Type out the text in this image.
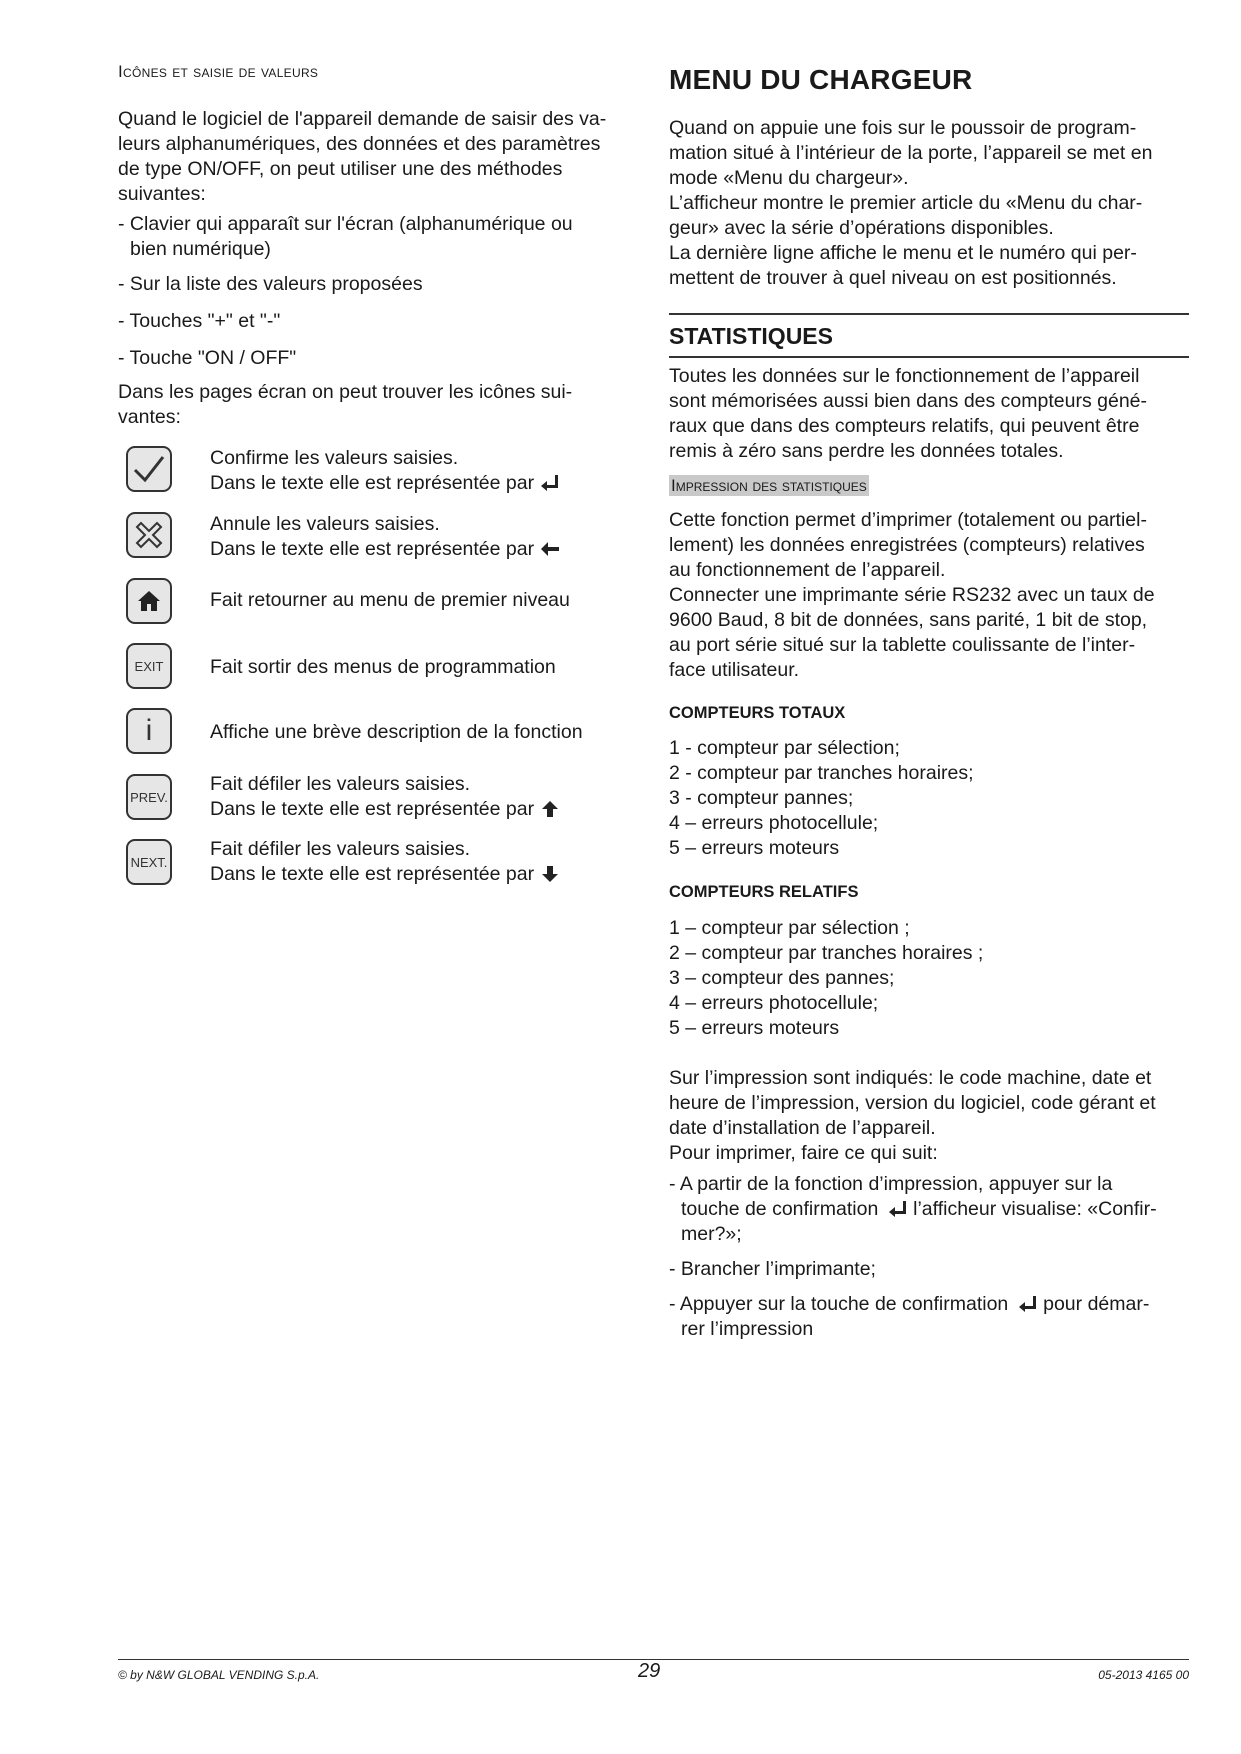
Icônes et saisie de valeurs
Quand le logiciel de l'appareil demande de saisir des va-
leurs alphanumériques, des données et des paramètres
de type ON/OFF, on peut utiliser une des méthodes
suivantes:
- Clavier qui apparaît sur l'écran (alphanumérique ou
bien numérique)
- Sur la liste des valeurs proposées
- Touches "+" et "-"
- Touche "ON / OFF"
Dans les pages écran on peut trouver les icônes sui-
vantes:
Confirme les valeurs saisies.
Dans le texte elle est représentée par
Annule les valeurs saisies.
Dans le texte elle est représentée par
Fait retourner au menu de premier niveau
EXIT Fait sortir des menus de programmation
i	Affiche une brève description de la fonction
PREV.
Fait défiler les valeurs saisies.
Dans le texte elle est représentée par
NEXT.
Fait défiler les valeurs saisies.
Dans le texte elle est représentée par
MENU DU CHARGEUR
Quand on appuie une fois sur le poussoir de program-
mation situé à l’intérieur de la porte, l’appareil se met en
mode «Menu du chargeur».
L’afficheur montre le premier article du «Menu du char-
geur» avec la série d’opérations disponibles.
La dernière ligne affiche le menu et le numéro qui per-
mettent de trouver à quel niveau on est positionnés.
STATISTIQUES
Toutes les données sur le fonctionnement de l’appareil
sont mémorisées aussi bien dans des compteurs géné-
raux que dans des compteurs relatifs, qui peuvent être
remis à zéro sans perdre les données totales.
Impression des statistiques
Cette fonction permet d’imprimer (totalement ou partiel-
lement) les données enregistrées (compteurs) relatives
au fonctionnement de l’appareil.
Connecter une imprimante série RS232 avec un taux de
9600 Baud, 8 bit de données, sans parité, 1 bit de stop,
au port série situé sur la tablette coulissante de l’inter-
face utilisateur.
COMPTEURS TOTAUX
1 - compteur par sélection;
2 - compteur par tranches horaires;
3 - compteur pannes;
4 – erreurs photocellule;
5 – erreurs moteurs
COMPTEURS RELATIFS
1 – compteur par sélection ;
2 – compteur par tranches horaires ;
3 – compteur des pannes;
4 – erreurs photocellule;
5 – erreurs moteurs
Sur l’impression sont indiqués: le code machine, date et
heure de l’impression, version du logiciel, code gérant et
date d’installation de l’appareil.
Pour imprimer, faire ce qui suit:
- A partir de la fonction d’impression, appuyer sur la
touche de confirmation  l’afficheur visualise: «Confir-
mer?»;
- Brancher l’imprimante;
- Appuyer sur la touche de confirmation  pour démar-
rer l’impression
© by N&W GLOBAL VENDING S.p.A.	29	05-2013 4165 00
